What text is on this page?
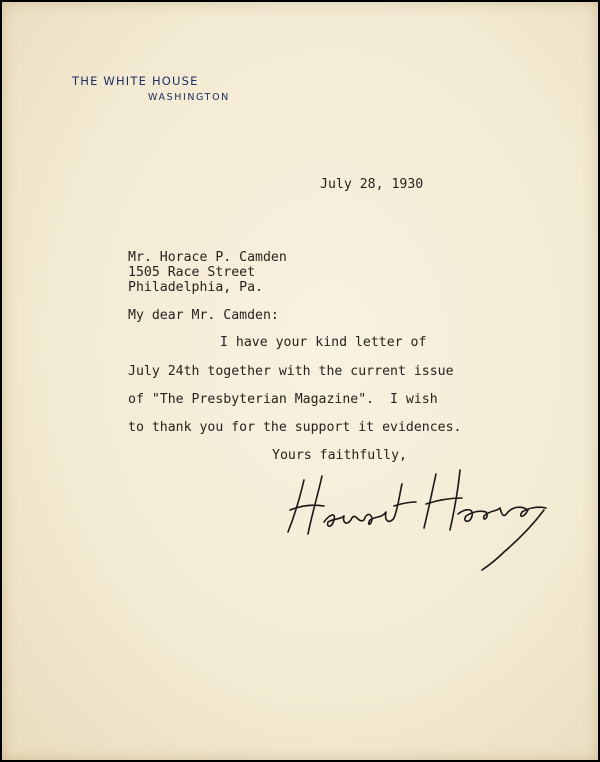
THE WHITE HOUSE
WASHINGTON
July 28, 1930
Mr. Horace P. Camden
1505 Race Street
Philadelphia, Pa.
My dear Mr. Camden:
I have your kind letter of
July 24th together with the current issue
of "The Presbyterian Magazine".  I wish
to thank you for the support it evidences.
Yours faithfully,
